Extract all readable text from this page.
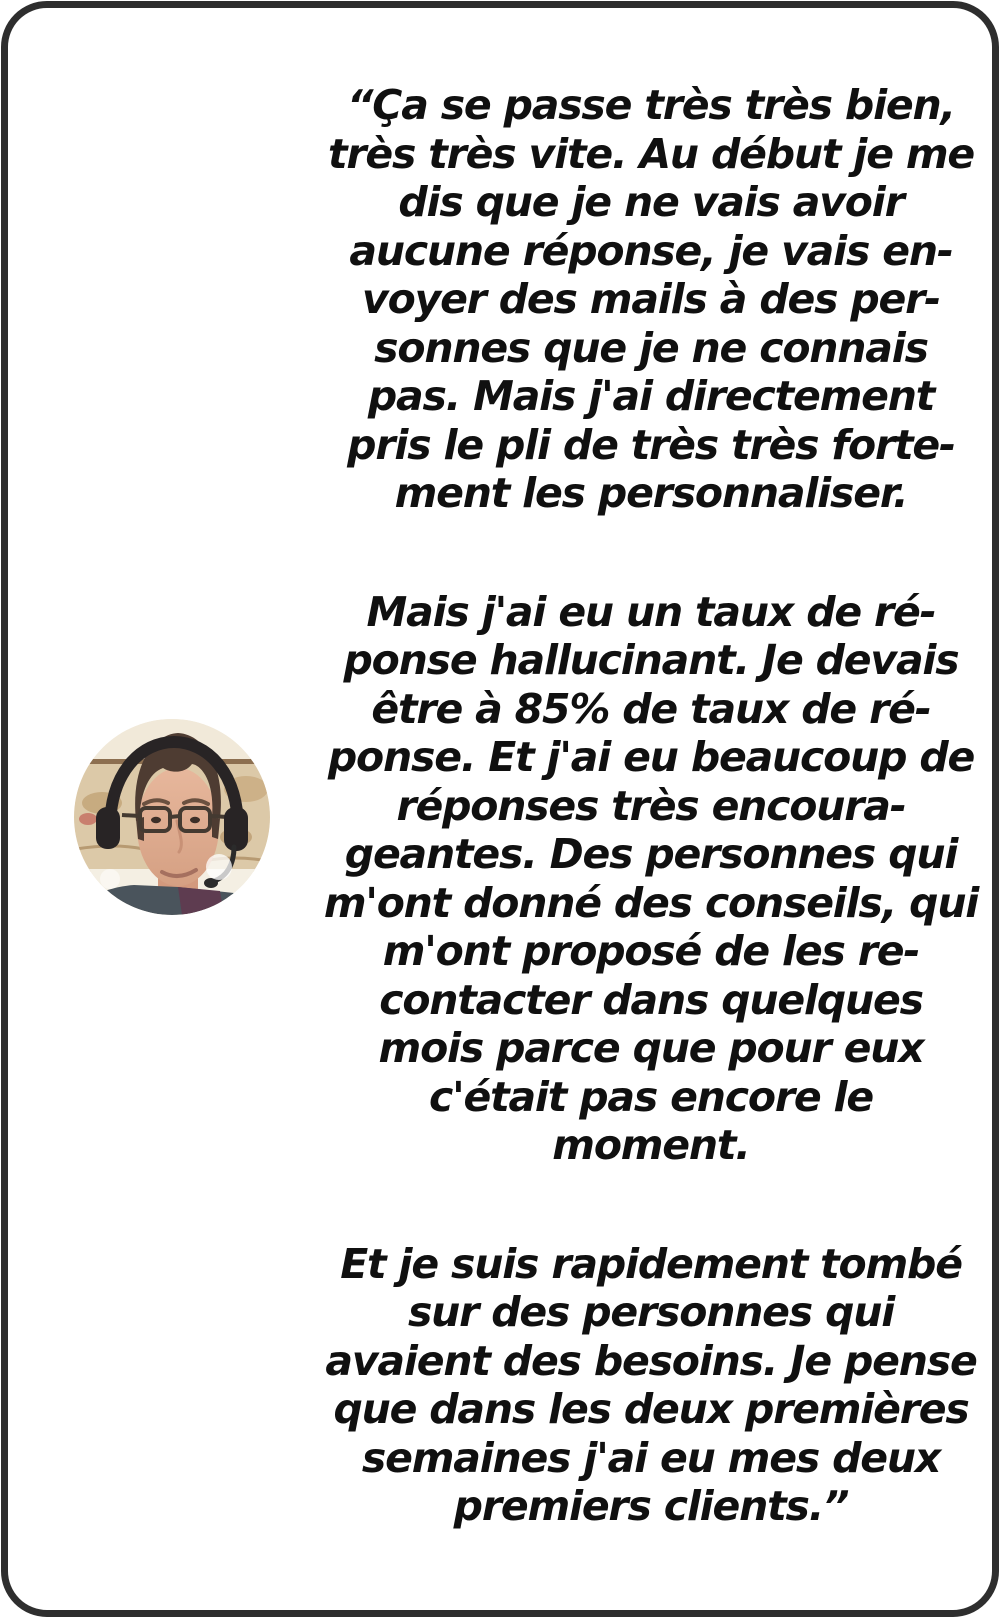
“Ça se passe très très bien,
très très vite. Au début je me
dis que je ne vais avoir
aucune réponse, je vais en-
voyer des mails à des per-
sonnes que je ne connais
pas. Mais j'ai directement
pris le pli de très très forte-
ment les personnaliser.

Mais j'ai eu un taux de ré-
ponse hallucinant. Je devais
être à 85% de taux de ré-
ponse. Et j'ai eu beaucoup de
réponses très encoura-
geantes. Des personnes qui
m'ont donné des conseils, qui
m'ont proposé de les re-
contacter dans quelques
mois parce que pour eux
c'était pas encore le
moment.

Et je suis rapidement tombé
sur des personnes qui
avaient des besoins. Je pense
que dans les deux premières
semaines j'ai eu mes deux
premiers clients.”
